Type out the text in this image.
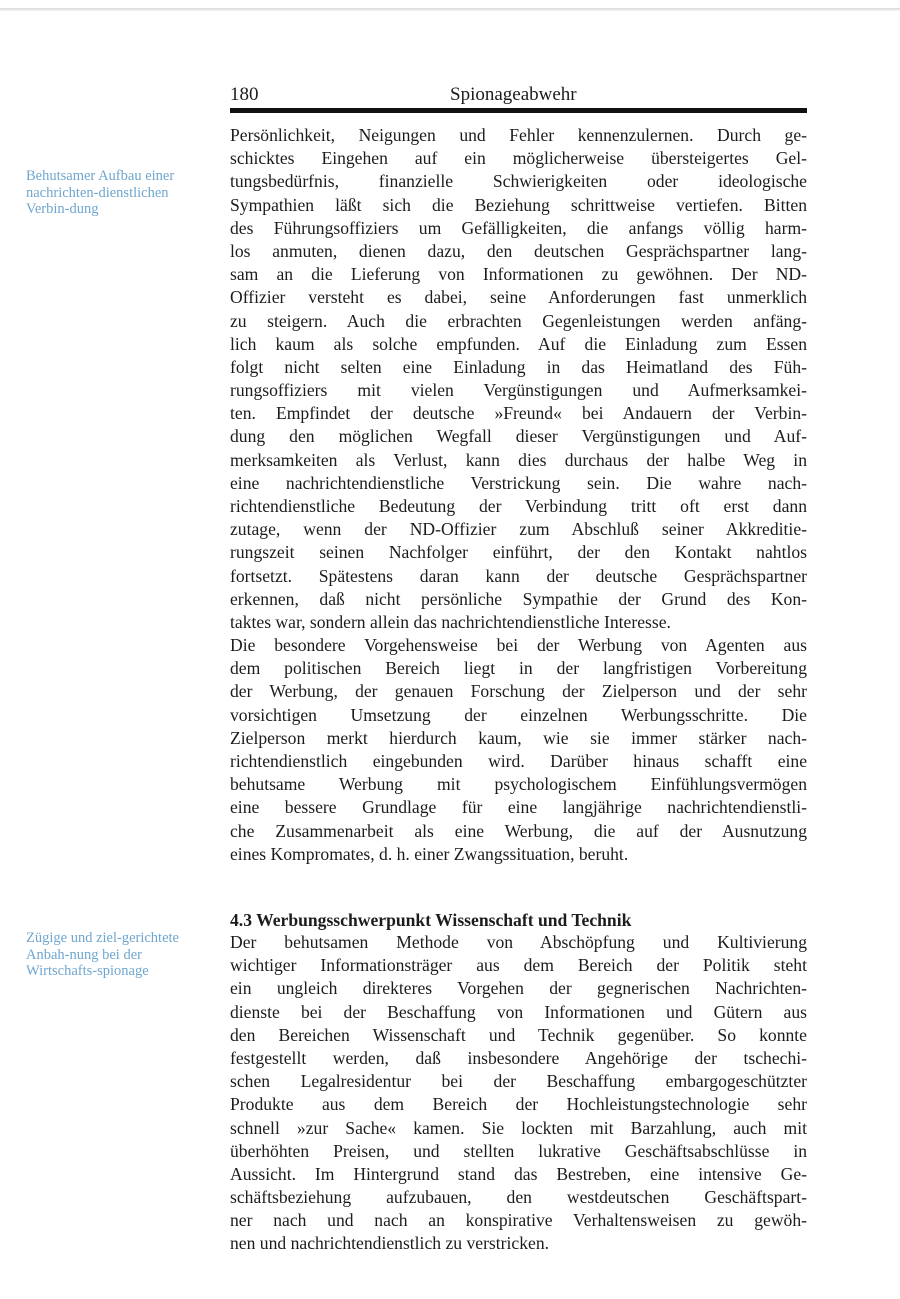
180	Spionageabwehr
Behutsamer Aufbau einer nachrichten-dienstlichen Verbin-dung
Zügige und ziel-gerichtete Anbah-nung bei der Wirtschafts-spionage
Persönlichkeit, Neigungen und Fehler kennenzulernen. Durch ge-
schicktes Eingehen auf ein möglicherweise übersteigertes Gel-
tungsbedürfnis, finanzielle Schwierigkeiten oder ideologische
Sympathien läßt sich die Beziehung schrittweise vertiefen. Bitten
des Führungsoffiziers um Gefälligkeiten, die anfangs völlig harm-
los anmuten, dienen dazu, den deutschen Gesprächspartner lang-
sam an die Lieferung von Informationen zu gewöhnen. Der ND-
Offizier versteht es dabei, seine Anforderungen fast unmerklich
zu steigern. Auch die erbrachten Gegenleistungen werden anfäng-
lich kaum als solche empfunden. Auf die Einladung zum Essen
folgt nicht selten eine Einladung in das Heimatland des Füh-
rungsoffiziers mit vielen Vergünstigungen und Aufmerksamkei-
ten. Empfindet der deutsche »Freund« bei Andauern der Verbin-
dung den möglichen Wegfall dieser Vergünstigungen und Auf-
merksamkeiten als Verlust, kann dies durchaus der halbe Weg in
eine nachrichtendienstliche Verstrickung sein. Die wahre nach-
richtendienstliche Bedeutung der Verbindung tritt oft erst dann
zutage, wenn der ND-Offizier zum Abschluß seiner Akkreditie-
rungszeit seinen Nachfolger einführt, der den Kontakt nahtlos
fortsetzt. Spätestens daran kann der deutsche Gesprächspartner
erkennen, daß nicht persönliche Sympathie der Grund des Kon-
taktes war, sondern allein das nachrichtendienstliche Interesse.
Die besondere Vorgehensweise bei der Werbung von Agenten aus
dem politischen Bereich liegt in der langfristigen Vorbereitung
der Werbung, der genauen Forschung der Zielperson und der sehr
vorsichtigen Umsetzung der einzelnen Werbungsschritte. Die
Zielperson merkt hierdurch kaum, wie sie immer stärker nach-
richtendienstlich eingebunden wird. Darüber hinaus schafft eine
behutsame Werbung mit psychologischem Einfühlungsvermögen
eine bessere Grundlage für eine langjährige nachrichtendienstli-
che Zusammenarbeit als eine Werbung, die auf der Ausnutzung
eines Kompromates, d. h. einer Zwangssituation, beruht.
4.3 Werbungsschwerpunkt Wissenschaft und Technik
Der behutsamen Methode von Abschöpfung und Kultivierung
wichtiger Informationsträger aus dem Bereich der Politik steht
ein ungleich direkteres Vorgehen der gegnerischen Nachrichten-
dienste bei der Beschaffung von Informationen und Gütern aus
den Bereichen Wissenschaft und Technik gegenüber. So konnte
festgestellt werden, daß insbesondere Angehörige der tschechi-
schen Legalresidentur bei der Beschaffung embargogeschützter
Produkte aus dem Bereich der Hochleistungstechnologie sehr
schnell »zur Sache« kamen. Sie lockten mit Barzahlung, auch mit
überhöhten Preisen, und stellten lukrative Geschäftsabschlüsse in
Aussicht. Im Hintergrund stand das Bestreben, eine intensive Ge-
schäftsbeziehung aufzubauen, den westdeutschen Geschäftspart-
ner nach und nach an konspirative Verhaltensweisen zu gewöh-
nen und nachrichtendienstlich zu verstricken.
